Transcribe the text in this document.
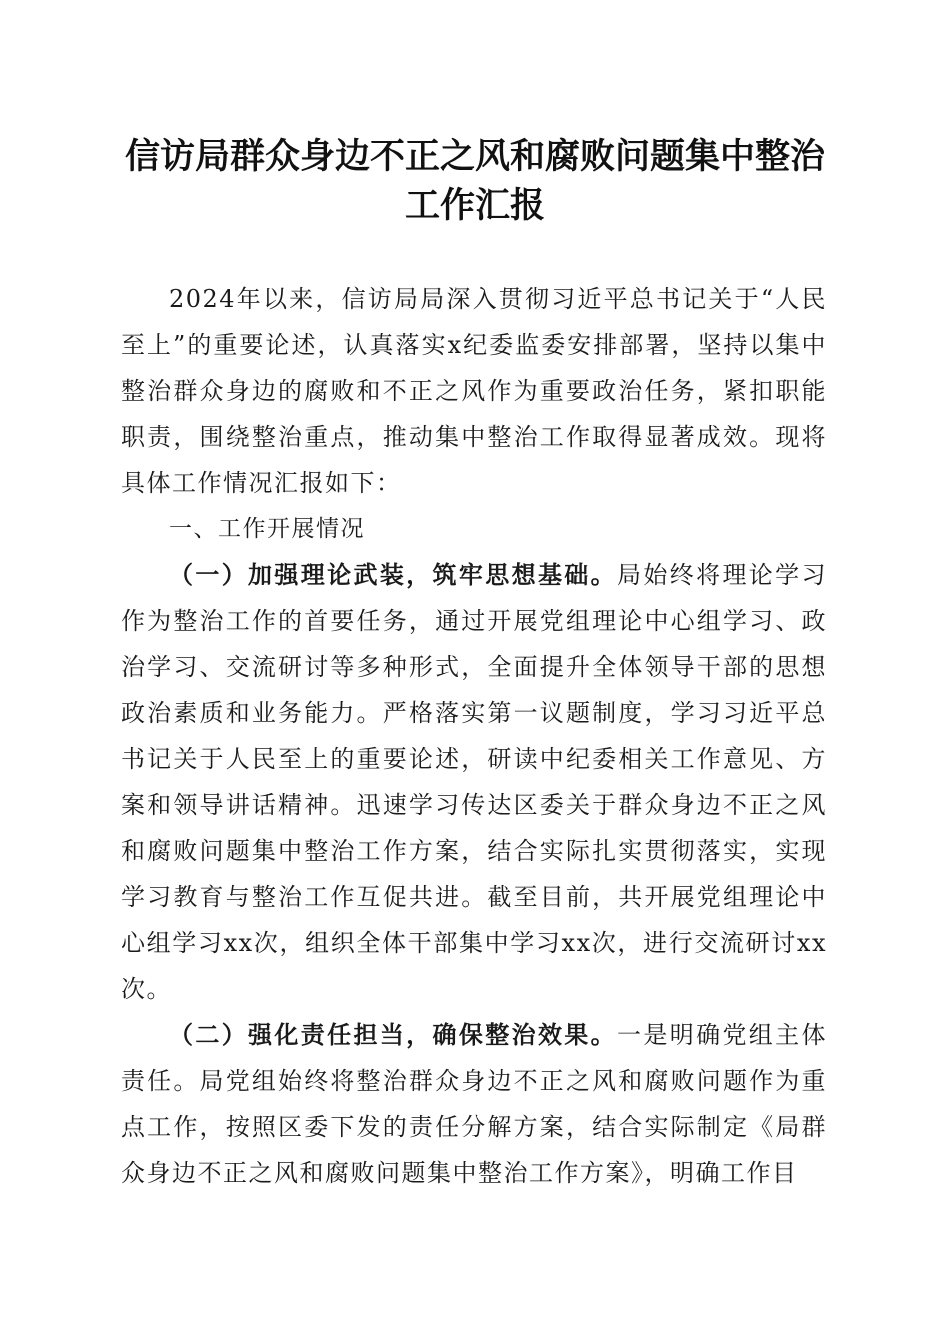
信访局群众身边不正之风和腐败问题集中整治
工作汇报

2024年以来，信访局局深入贯彻习近平总书记关于“人民至上”的重要论述，认真落实x纪委监委安排部署，坚持以集中整治群众身边的腐败和不正之风作为重要政治任务，紧扣职能职责，围绕整治重点，推动集中整治工作取得显著成效。现将具体工作情况汇报如下：

一、工作开展情况

（一）加强理论武装，筑牢思想基础。局始终将理论学习作为整治工作的首要任务，通过开展党组理论中心组学习、政治学习、交流研讨等多种形式，全面提升全体领导干部的思想政治素质和业务能力。严格落实第一议题制度，学习习近平总书记关于人民至上的重要论述，研读中纪委相关工作意见、方案和领导讲话精神。迅速学习传达区委关于群众身边不正之风和腐败问题集中整治工作方案，结合实际扎实贯彻落实，实现学习教育与整治工作互促共进。截至目前，共开展党组理论中心组学习xx次，组织全体干部集中学习xx次，进行交流研讨xx次。

（二）强化责任担当，确保整治效果。一是明确党组主体责任。局党组始终将整治群众身边不正之风和腐败问题作为重点工作，按照区委下发的责任分解方案，结合实际制定《局群众身边不正之风和腐败问题集中整治工作方案》，明确工作目
